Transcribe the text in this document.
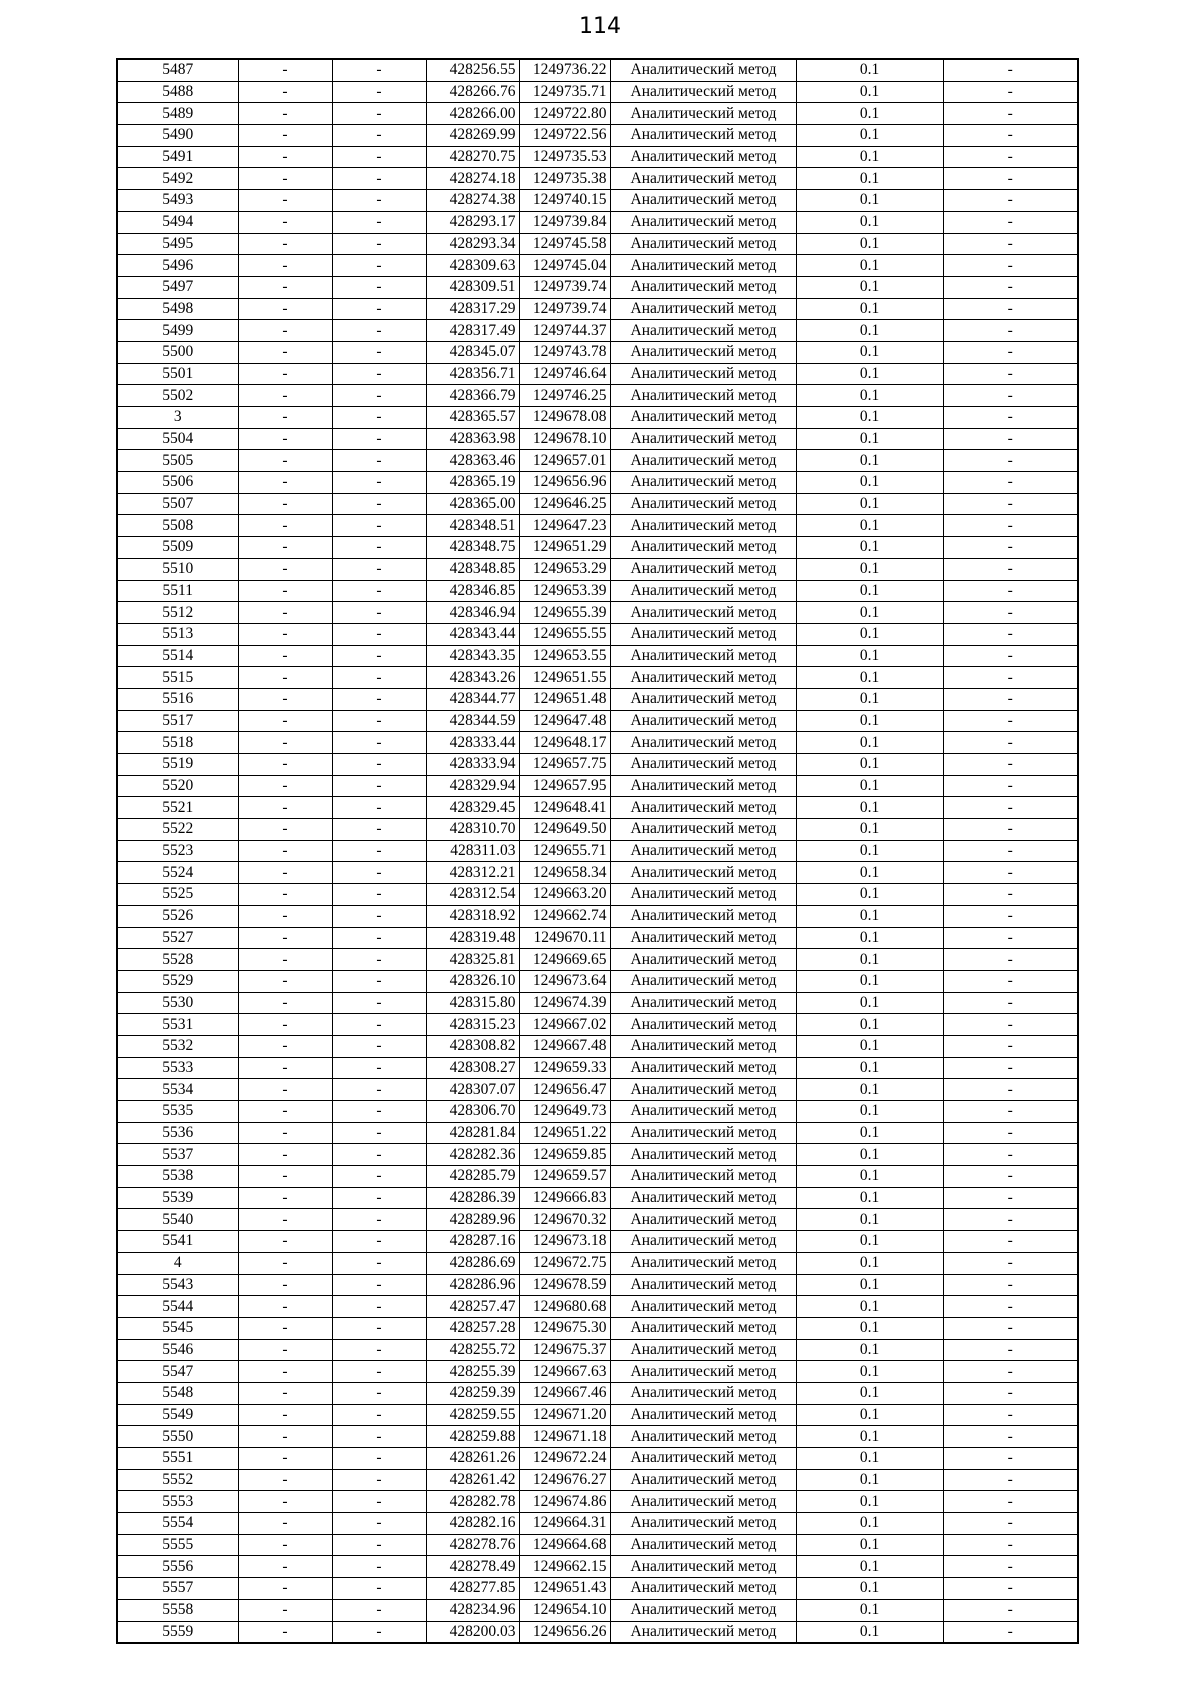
114
5487	-	-	428256.55	1249736.22	Аналитический метод	0.1	-
5488	-	-	428266.76	1249735.71	Аналитический метод	0.1	-
5489	-	-	428266.00	1249722.80	Аналитический метод	0.1	-
5490	-	-	428269.99	1249722.56	Аналитический метод	0.1	-
5491	-	-	428270.75	1249735.53	Аналитический метод	0.1	-
5492	-	-	428274.18	1249735.38	Аналитический метод	0.1	-
5493	-	-	428274.38	1249740.15	Аналитический метод	0.1	-
5494	-	-	428293.17	1249739.84	Аналитический метод	0.1	-
5495	-	-	428293.34	1249745.58	Аналитический метод	0.1	-
5496	-	-	428309.63	1249745.04	Аналитический метод	0.1	-
5497	-	-	428309.51	1249739.74	Аналитический метод	0.1	-
5498	-	-	428317.29	1249739.74	Аналитический метод	0.1	-
5499	-	-	428317.49	1249744.37	Аналитический метод	0.1	-
5500	-	-	428345.07	1249743.78	Аналитический метод	0.1	-
5501	-	-	428356.71	1249746.64	Аналитический метод	0.1	-
5502	-	-	428366.79	1249746.25	Аналитический метод	0.1	-
3	-	-	428365.57	1249678.08	Аналитический метод	0.1	-
5504	-	-	428363.98	1249678.10	Аналитический метод	0.1	-
5505	-	-	428363.46	1249657.01	Аналитический метод	0.1	-
5506	-	-	428365.19	1249656.96	Аналитический метод	0.1	-
5507	-	-	428365.00	1249646.25	Аналитический метод	0.1	-
5508	-	-	428348.51	1249647.23	Аналитический метод	0.1	-
5509	-	-	428348.75	1249651.29	Аналитический метод	0.1	-
5510	-	-	428348.85	1249653.29	Аналитический метод	0.1	-
5511	-	-	428346.85	1249653.39	Аналитический метод	0.1	-
5512	-	-	428346.94	1249655.39	Аналитический метод	0.1	-
5513	-	-	428343.44	1249655.55	Аналитический метод	0.1	-
5514	-	-	428343.35	1249653.55	Аналитический метод	0.1	-
5515	-	-	428343.26	1249651.55	Аналитический метод	0.1	-
5516	-	-	428344.77	1249651.48	Аналитический метод	0.1	-
5517	-	-	428344.59	1249647.48	Аналитический метод	0.1	-
5518	-	-	428333.44	1249648.17	Аналитический метод	0.1	-
5519	-	-	428333.94	1249657.75	Аналитический метод	0.1	-
5520	-	-	428329.94	1249657.95	Аналитический метод	0.1	-
5521	-	-	428329.45	1249648.41	Аналитический метод	0.1	-
5522	-	-	428310.70	1249649.50	Аналитический метод	0.1	-
5523	-	-	428311.03	1249655.71	Аналитический метод	0.1	-
5524	-	-	428312.21	1249658.34	Аналитический метод	0.1	-
5525	-	-	428312.54	1249663.20	Аналитический метод	0.1	-
5526	-	-	428318.92	1249662.74	Аналитический метод	0.1	-
5527	-	-	428319.48	1249670.11	Аналитический метод	0.1	-
5528	-	-	428325.81	1249669.65	Аналитический метод	0.1	-
5529	-	-	428326.10	1249673.64	Аналитический метод	0.1	-
5530	-	-	428315.80	1249674.39	Аналитический метод	0.1	-
5531	-	-	428315.23	1249667.02	Аналитический метод	0.1	-
5532	-	-	428308.82	1249667.48	Аналитический метод	0.1	-
5533	-	-	428308.27	1249659.33	Аналитический метод	0.1	-
5534	-	-	428307.07	1249656.47	Аналитический метод	0.1	-
5535	-	-	428306.70	1249649.73	Аналитический метод	0.1	-
5536	-	-	428281.84	1249651.22	Аналитический метод	0.1	-
5537	-	-	428282.36	1249659.85	Аналитический метод	0.1	-
5538	-	-	428285.79	1249659.57	Аналитический метод	0.1	-
5539	-	-	428286.39	1249666.83	Аналитический метод	0.1	-
5540	-	-	428289.96	1249670.32	Аналитический метод	0.1	-
5541	-	-	428287.16	1249673.18	Аналитический метод	0.1	-
4	-	-	428286.69	1249672.75	Аналитический метод	0.1	-
5543	-	-	428286.96	1249678.59	Аналитический метод	0.1	-
5544	-	-	428257.47	1249680.68	Аналитический метод	0.1	-
5545	-	-	428257.28	1249675.30	Аналитический метод	0.1	-
5546	-	-	428255.72	1249675.37	Аналитический метод	0.1	-
5547	-	-	428255.39	1249667.63	Аналитический метод	0.1	-
5548	-	-	428259.39	1249667.46	Аналитический метод	0.1	-
5549	-	-	428259.55	1249671.20	Аналитический метод	0.1	-
5550	-	-	428259.88	1249671.18	Аналитический метод	0.1	-
5551	-	-	428261.26	1249672.24	Аналитический метод	0.1	-
5552	-	-	428261.42	1249676.27	Аналитический метод	0.1	-
5553	-	-	428282.78	1249674.86	Аналитический метод	0.1	-
5554	-	-	428282.16	1249664.31	Аналитический метод	0.1	-
5555	-	-	428278.76	1249664.68	Аналитический метод	0.1	-
5556	-	-	428278.49	1249662.15	Аналитический метод	0.1	-
5557	-	-	428277.85	1249651.43	Аналитический метод	0.1	-
5558	-	-	428234.96	1249654.10	Аналитический метод	0.1	-
5559	-	-	428200.03	1249656.26	Аналитический метод	0.1	-
